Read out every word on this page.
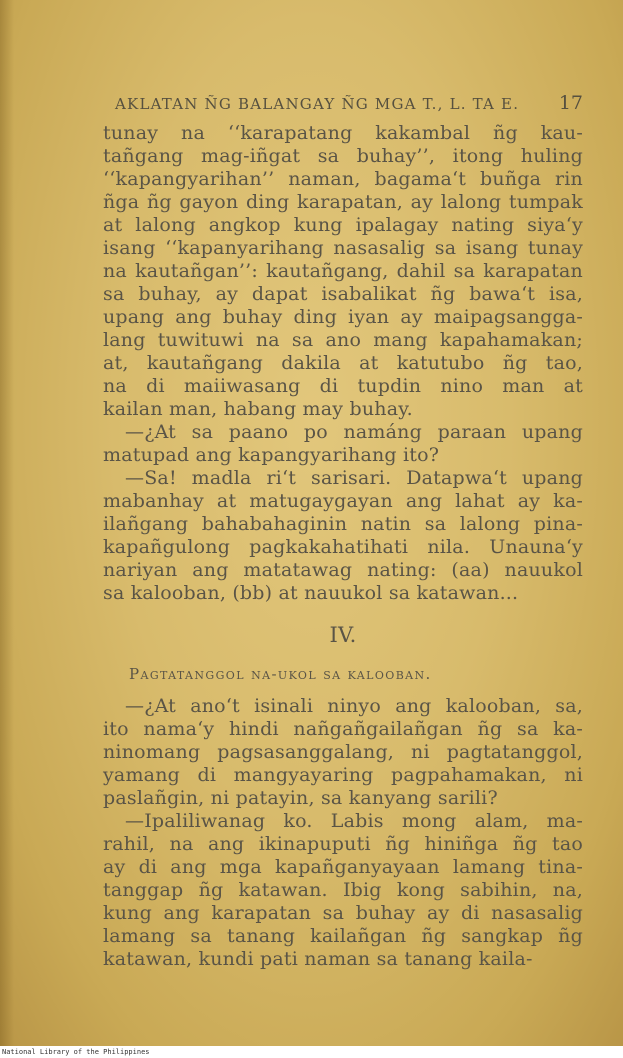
AKLATAN ÑG BALANGAY ÑG MGA T., L. TA E. 17
tunay na ‘‘karapatang kakambal ñg kau-
tañgang mag-iñgat sa buhay’’, itong huling
‘‘kapangyarihan’’ naman, bagama‘t buñga rin
ñga ñg gayon ding karapatan, ay lalong tumpak
at lalong angkop kung ipalagay nating siya‘y
isang ‘‘kapanyarihang nasasalig sa isang tunay
na kautañgan’’: kautañgang, dahil sa karapatan
sa buhay, ay dapat isabalikat ñg bawa‘t isa,
upang ang buhay ding iyan ay maipagsangga-
lang tuwituwi na sa ano mang kapahamakan;
at, kautañgang dakila at katutubo ñg tao,
na di maiiwasang di tupdin nino man at
kailan man, habang may buhay.
—¿At sa paano po namáng paraan upang
matupad ang kapangyarihang ito?
—Sa! madla ri‘t sarisari. Datapwa‘t upang
mabanhay at matugaygayan ang lahat ay ka-
ilañgang bahabahaginin natin sa lalong pina-
kapañgulong pagkakahatihati nila. Unauna‘y
nariyan ang matatawag nating: (aa) nauukol
sa kalooban, (bb) at nauukol sa katawan...
IV.
Pagtatanggol na-ukol sa kalooban.
—¿At ano‘t isinali ninyo ang kalooban, sa,
ito nama‘y hindi nañgañgailañgan ñg sa ka-
ninomang pagsasanggalang, ni pagtatanggol,
yamang di mangyayaring pagpahamakan, ni
paslañgin, ni patayin, sa kanyang sarili?
—Ipaliliwanag ko. Labis mong alam, ma-
rahil, na ang ikinapuputi ñg hiniñga ñg tao
ay di ang mga kapañganyayaan lamang tina-
tanggap ñg katawan. Ibig kong sabihin, na,
kung ang karapatan sa buhay ay di nasasalig
lamang sa tanang kailañgan ñg sangkap ñg
katawan, kundi pati naman sa tanang kaila-
National Library of the Philippines
